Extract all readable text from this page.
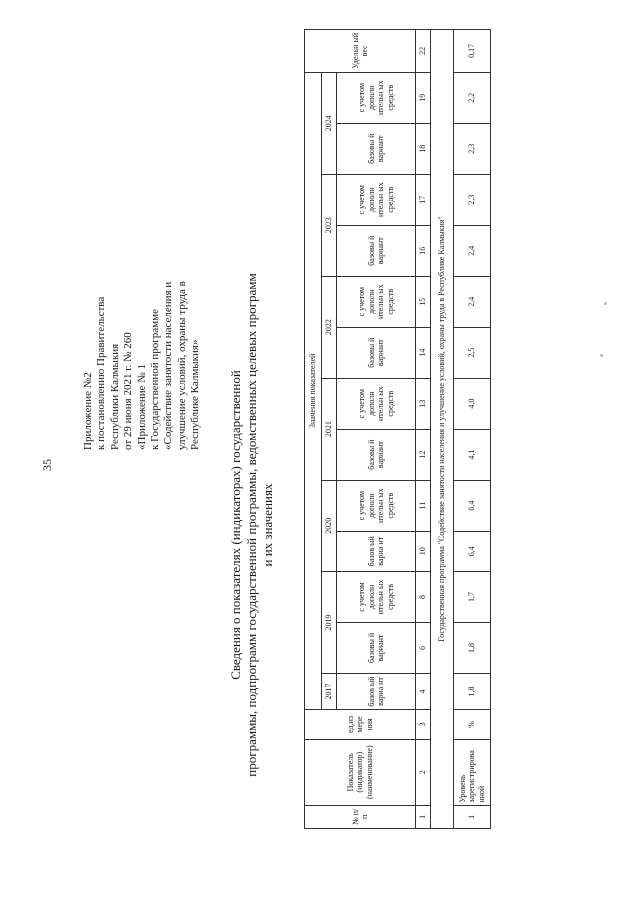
35
Приложение №2 к постановлению Правительства Республики Калмыкия от 29 июня 2021 г. № 260 «Приложение № 1 к Государственной программе «Содействие занятости населения и улучшение условий, охраны труда в Республике Калмыкия» Сведения о показателях (индикаторах) государственной программы, подпрограмм государственной программы, ведомственных целевых программ и их значениях
№ п/п	Показатель (индикатор) (наименование)	ед.из мере ния	Значения показателей													Удельн ый вес
			2017	2019		2020		2021		2022		2023		2024		
			базов ый вариа нт	базовы й вариант	с учетом дополн ительн ых средств	базов ый вариа нт	с учетом дополн ительн ых средств	базовы й вариант	с учетом дополн ительн ых средств	базовы й вариант	с учетом дополн ительн ых средств	базовы й вариант	с учетом дополн ительн ых средств	базовы й вариант	с учетом дополн ительн ых средств	
1	2	3	4	6	8	10	11	12	13	14	15	16	17	18	19	22
Государственная программа "Содействие занятости населения и улучшение условий, охраны труда в Республике Калмыкия"																
1	Уровень зарегистрирова нной	%	1,8	1,8	1,7	6,4	6,4	4,1	4,0	2,5	2,4	2,4	2,3	2,3	2,2	0,17
